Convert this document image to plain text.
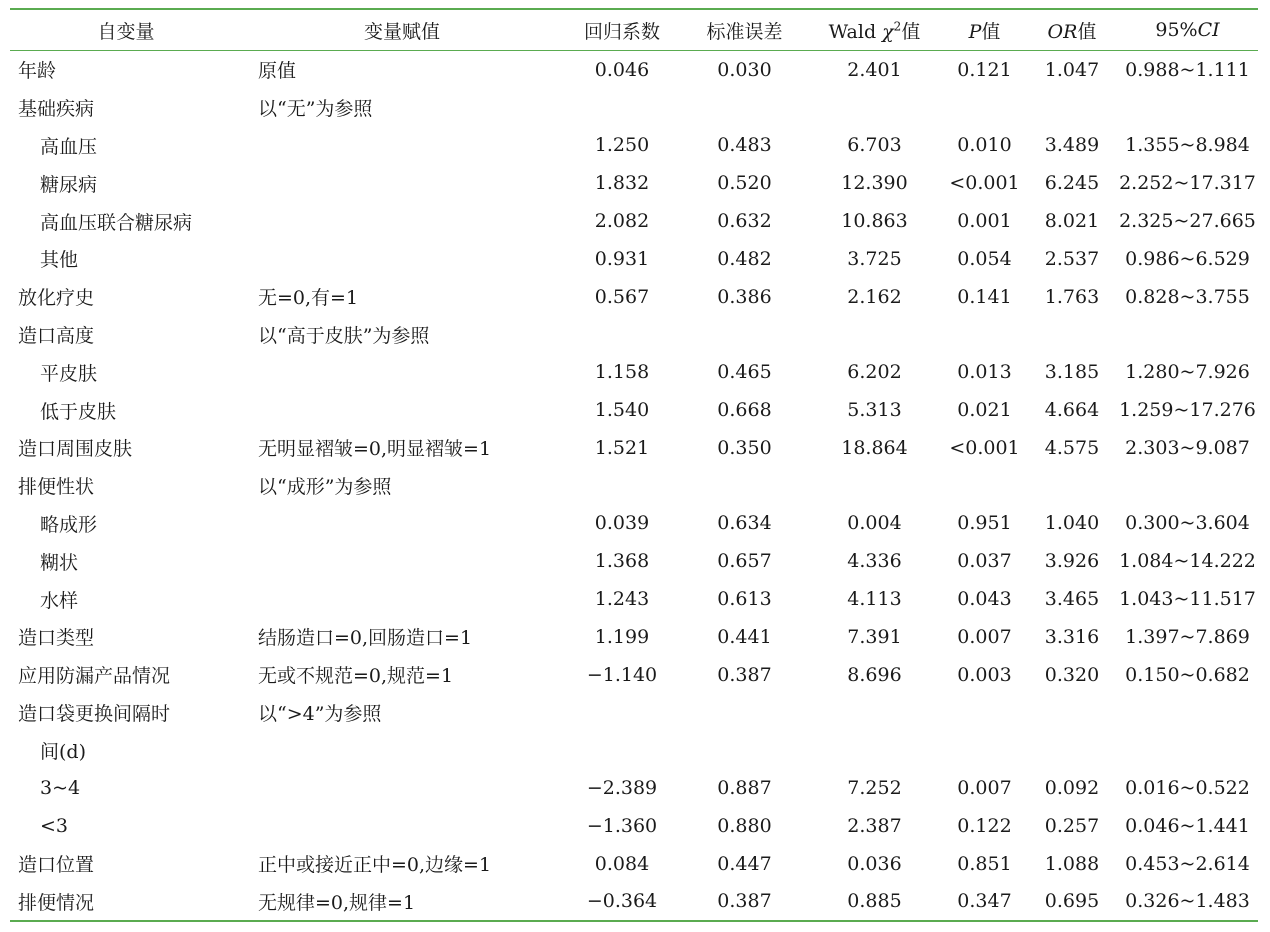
自变量	变量赋值	回归系数	标准误差	Wald $\chi^2$值	P值	OR值	95%CI
年龄	原值	0.046	0.030	2.401	0.121	1.047	0.988~1.111
基础疾病	以“无”为参照						
高血压		1.250	0.483	6.703	0.010	3.489	1.355~8.984
糖尿病		1.832	0.520	12.390	<0.001	6.245	2.252~17.317
高血压联合糖尿病		2.082	0.632	10.863	0.001	8.021	2.325~27.665
其他		0.931	0.482	3.725	0.054	2.537	0.986~6.529
放化疗史	无=0,有=1	0.567	0.386	2.162	0.141	1.763	0.828~3.755
造口高度	以“高于皮肤”为参照						
平皮肤		1.158	0.465	6.202	0.013	3.185	1.280~7.926
低于皮肤		1.540	0.668	5.313	0.021	4.664	1.259~17.276
造口周围皮肤	无明显褶皱=0,明显褶皱=1	1.521	0.350	18.864	<0.001	4.575	2.303~9.087
排便性状	以“成形”为参照						
略成形		0.039	0.634	0.004	0.951	1.040	0.300~3.604
糊状		1.368	0.657	4.336	0.037	3.926	1.084~14.222
水样		1.243	0.613	4.113	0.043	3.465	1.043~11.517
造口类型	结肠造口=0,回肠造口=1	1.199	0.441	7.391	0.007	3.316	1.397~7.869
应用防漏产品情况	无或不规范=0,规范=1	−1.140	0.387	8.696	0.003	0.320	0.150~0.682
造口袋更换间隔时	以“>4”为参照						
间(d)							
3~4		−2.389	0.887	7.252	0.007	0.092	0.016~0.522
<3		−1.360	0.880	2.387	0.122	0.257	0.046~1.441
造口位置	正中或接近正中=0,边缘=1	0.084	0.447	0.036	0.851	1.088	0.453~2.614
排便情况	无规律=0,规律=1	−0.364	0.387	0.885	0.347	0.695	0.326~1.483
